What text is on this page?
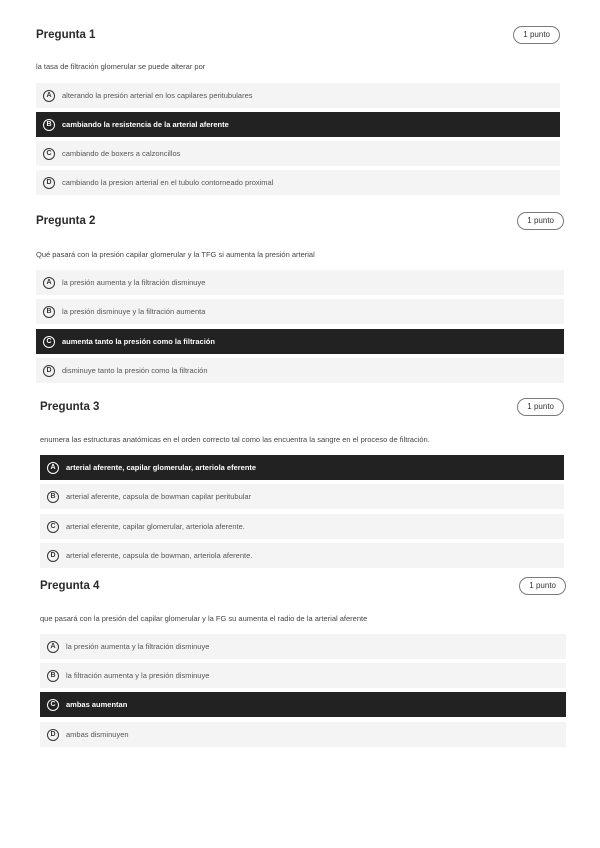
Pregunta 1	1 punto
la tasa de filtración glomerular se puede alterar por
A	alterando la presión arterial en los capilares peritubulares
B	cambiando la resistencia de la arterial aferente
C	cambiando de boxers a calzoncillos
D	cambiando la presion arterial en el tubulo contorneado proximal
Pregunta 2	1 punto
Qué pasará con la presión capilar glomerular y la TFG si aumenta la presión arterial
A	la presión aumenta y la filtración disminuye
B	la presión disminuye y la filtración aumenta
C	aumenta tanto la presión como la filtración
D	disminuye tanto la presión como la filtración
Pregunta 3	1 punto
enumera las estructuras anatómicas en el orden correcto tal como las encuentra la sangre en el proceso de filtración.
A	arterial aferente, capilar glomerular, arteriola eferente
B	arterial aferente, capsula de bowman capilar peritubular
C	arterial eferente, capilar glomerular, arteriola aferente.
D	arterial eferente, capsula de bowman, arteriola aferente.
Pregunta 4	1 punto
que pasará con la presión del capilar glomerular y la FG su aumenta el radio de la arterial aferente
A	la presión aumenta y la filtración disminuye
B	la filtración aumenta y la presión disminuye
C	ambas aumentan
D	ambas disminuyen
